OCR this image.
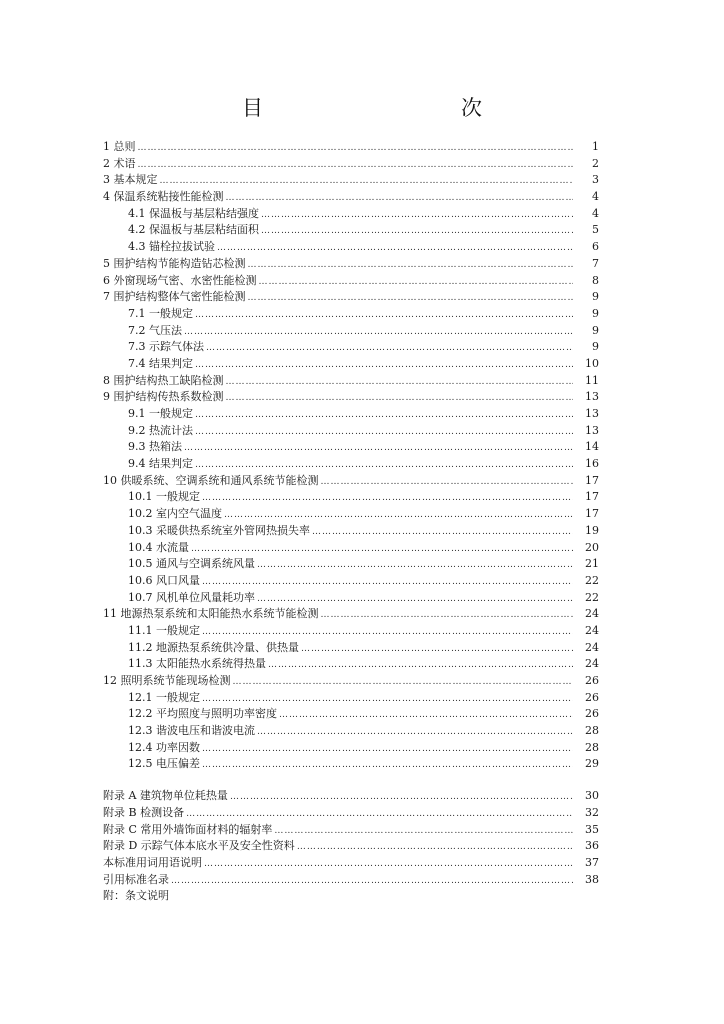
目　　次
1 总则 …………………………………………………………………………………………………………………………………………………………………………………………	1
2 术语 …………………………………………………………………………………………………………………………………………………………………………………………	2
3 基本规定 …………………………………………………………………………………………………………………………………………………………………………………………	3
4 保温系统粘接性能检测 …………………………………………………………………………………………………………………………………………………………………………………………	4
4.1 保温板与基层粘结强度 …………………………………………………………………………………………………………………………………………………………………………………………	4
4.2 保温板与基层粘结面积 …………………………………………………………………………………………………………………………………………………………………………………………	5
4.3 锚栓拉拔试验 …………………………………………………………………………………………………………………………………………………………………………………………	6
5 围护结构节能构造钻芯检测 …………………………………………………………………………………………………………………………………………………………………………………………	7
6 外窗现场气密、水密性能检测 …………………………………………………………………………………………………………………………………………………………………………………………	8
7 围护结构整体气密性能检测 …………………………………………………………………………………………………………………………………………………………………………………………	9
7.1 一般规定 …………………………………………………………………………………………………………………………………………………………………………………………	9
7.2 气压法 …………………………………………………………………………………………………………………………………………………………………………………………	9
7.3 示踪气体法 …………………………………………………………………………………………………………………………………………………………………………………………	9
7.4 结果判定 …………………………………………………………………………………………………………………………………………………………………………………………	10
8 围护结构热工缺陷检测 …………………………………………………………………………………………………………………………………………………………………………………………	11
9 围护结构传热系数检测 …………………………………………………………………………………………………………………………………………………………………………………………	13
9.1 一般规定 …………………………………………………………………………………………………………………………………………………………………………………………	13
9.2 热流计法 …………………………………………………………………………………………………………………………………………………………………………………………	13
9.3 热箱法 …………………………………………………………………………………………………………………………………………………………………………………………	14
9.4 结果判定 …………………………………………………………………………………………………………………………………………………………………………………………	16
10 供暖系统、空调系统和通风系统节能检测 …………………………………………………………………………………………………………………………………………………………………………………………	17
10.1 一般规定 …………………………………………………………………………………………………………………………………………………………………………………………	17
10.2 室内空气温度 …………………………………………………………………………………………………………………………………………………………………………………………	17
10.3 采暖供热系统室外管网热损失率 …………………………………………………………………………………………………………………………………………………………………………………………	19
10.4 水流量 …………………………………………………………………………………………………………………………………………………………………………………………	20
10.5 通风与空调系统风量 …………………………………………………………………………………………………………………………………………………………………………………………	21
10.6 风口风量 …………………………………………………………………………………………………………………………………………………………………………………………	22
10.7 风机单位风量耗功率 …………………………………………………………………………………………………………………………………………………………………………………………	22
11 地源热泵系统和太阳能热水系统节能检测 …………………………………………………………………………………………………………………………………………………………………………………………	24
11.1 一般规定 …………………………………………………………………………………………………………………………………………………………………………………………	24
11.2 地源热泵系统供冷量、供热量 …………………………………………………………………………………………………………………………………………………………………………………………	24
11.3 太阳能热水系统得热量 …………………………………………………………………………………………………………………………………………………………………………………………	24
12 照明系统节能现场检测 …………………………………………………………………………………………………………………………………………………………………………………………	26
12.1 一般规定 …………………………………………………………………………………………………………………………………………………………………………………………	26
12.2 平均照度与照明功率密度 …………………………………………………………………………………………………………………………………………………………………………………………	26
12.3 谐波电压和谐波电流 …………………………………………………………………………………………………………………………………………………………………………………………	28
12.4 功率因数 …………………………………………………………………………………………………………………………………………………………………………………………	28
12.5 电压偏差 …………………………………………………………………………………………………………………………………………………………………………………………	29
附录 A 建筑物单位耗热量 …………………………………………………………………………………………………………………………………………………………………………………………	30
附录 B 检测设备 …………………………………………………………………………………………………………………………………………………………………………………………	32
附录 C 常用外墙饰面材料的辐射率 …………………………………………………………………………………………………………………………………………………………………………………………	35
附录 D 示踪气体本底水平及安全性资料 …………………………………………………………………………………………………………………………………………………………………………………………	36
本标准用词用语说明 …………………………………………………………………………………………………………………………………………………………………………………………	37
引用标准名录 …………………………………………………………………………………………………………………………………………………………………………………………	38
附：条文说明
